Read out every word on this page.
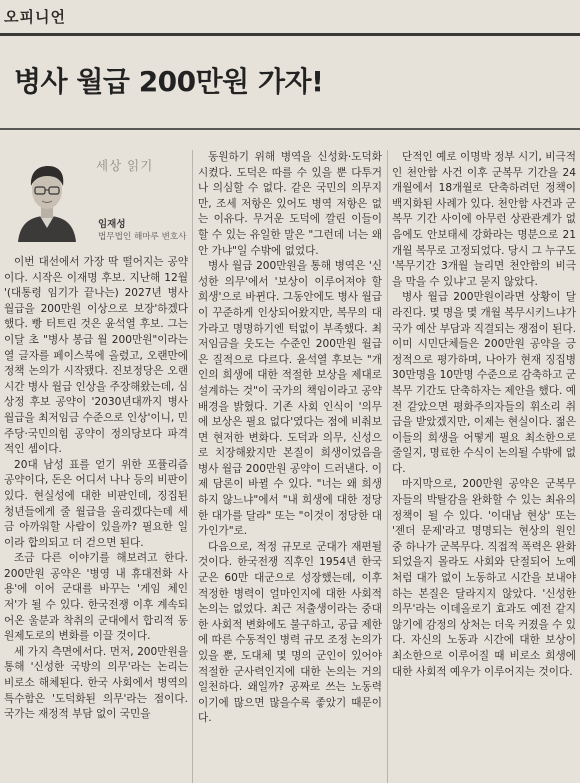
오피니언
병사 월급 200만원 가자!
세상 읽기
임재성
법무법인 해마루 변호사

이번 대선에서 가장 딱 떨어지는 공약이다. 시작은 이재명 후보. 지난해 12월 '(대통령 임기가 끝나는) 2027년 병사 월급을 200만원 이상으로 보장'하겠다 했다. 빵 터트린 것은 윤석열 후보. 그는 이달 초 "병사 봉급 월 200만원"이라는 열 글자를 페이스북에 올렸고, 오랜만에 정책 논의가 시작됐다. 진보정당은 오랜 시간 병사 월급 인상을 주장해왔는데, 심상정 후보 공약이 '2030년대까지 병사 월급을 최저임금 수준으로 인상'이니, 민주당·국민의힘 공약이 정의당보다 파격적인 셈이다.

20대 남성 표를 얻기 위한 포퓰리즘 공약이다, 돈은 어디서 나나 등의 비판이 있다. 현실성에 대한 비판인데, 징집된 청년들에게 줄 월급을 올리겠다는데 세금 아까워할 사람이 있을까? 필요한 일이라 합의되고 더 걷으면 된다.

조금 다른 이야기를 해보려고 한다. 200만원 공약은 '병영 내 휴대전화 사용'에 이어 군대를 바꾸는 '게임 체인저'가 될 수 있다. 한국전쟁 이후 계속되어온 울분과 착취의 군대에서 합리적 동원제도로의 변화를 이끌 것이다.

세 가지 측면에서다. 먼저, 200만원을 통해 '신성한 국방의 의무'라는 논리는 비로소 해체된다. 한국 사회에서 병역의 특수함은 '도덕화된 의무'라는 점이다. 국가는 재정적 부담 없이 국민을

동원하기 위해 병역을 신성화·도덕화시켰다. 도덕은 따를 수 있을 뿐 다투거나 의심할 수 없다. 같은 국민의 의무지만, 조세 저항은 있어도 병역 저항은 없는 이유다. 무거운 도덕에 깔린 이들이 할 수 있는 유일한 말은 "그런데 너는 왜 안 가냐"일 수밖에 없었다.

병사 월급 200만원을 통해 병역은 '신성한 의무'에서 '보상이 이루어져야 할 희생'으로 바뀐다. 그동안에도 병사 월급이 꾸준하게 인상되어왔지만, 복무의 대가라고 명명하기엔 턱없이 부족했다. 최저임금을 웃도는 수준인 200만원 월급은 질적으로 다르다. 윤석열 후보는 "개인의 희생에 대한 적절한 보상을 제대로 설계하는 것"이 국가의 책임이라고 공약 배경을 밝혔다. 기존 사회 인식이 '의무에 보상은 필요 없다'였다는 점에 비춰보면 현저한 변화다. 도덕과 의무, 신성으로 치장해왔지만 본질이 희생이었음을 병사 월급 200만원 공약이 드러낸다. 이제 담론이 바뀔 수 있다. "너는 왜 희생하지 않느냐"에서 "내 희생에 대한 정당한 대가를 달라" 또는 "이것이 정당한 대가인가"로.

다음으로, 적정 규모로 군대가 재편될 것이다. 한국전쟁 직후인 1954년 한국군은 60만 대군으로 성장했는데, 이후 적정한 병력이 얼마인지에 대한 사회적 논의는 없었다. 최근 저출생이라는 중대한 사회적 변화에도 불구하고, 공급 제한에 따른 수동적인 병력 규모 조정 논의가 있을 뿐, 도대체 몇 명의 군인이 있어야 적절한 군사력인지에 대한 논의는 거의 일천하다. 왜일까? 공짜로 쓰는 노동력이기에 많으면 많을수록 좋았기 때문이다.

단적인 예로 이명박 정부 시기, 비극적인 천안함 사건 이후 군복무 기간을 24개월에서 18개월로 단축하려던 정책이 백지화된 사례가 있다. 천안함 사건과 군복무 기간 사이에 아무런 상관관계가 없음에도 안보태세 강화라는 명분으로 21개월 복무로 고정되었다. 당시 그 누구도 '복무기간 3개월 늘리면 천안함의 비극을 막을 수 있냐'고 묻지 않았다.

병사 월급 200만원이라면 상황이 달라진다. 몇 명을 몇 개월 복무시키느냐가 국가 예산 부담과 직결되는 쟁점이 된다. 이미 시민단체들은 200만원 공약을 긍정적으로 평가하며, 나아가 현재 징집병 30만명을 10만명 수준으로 감축하고 군복무 기간도 단축하자는 제안을 했다. 예전 같았으면 평화주의자들의 휘소리 취급을 받았겠지만, 이제는 현실이다. 젊은이들의 희생을 어떻게 필요 최소한으로 줄일지, 명료한 수식이 논의될 수밖에 없다.

마지막으로, 200만원 공약은 군복무자들의 박탈감을 완화할 수 있는 최유의 정책이 될 수 있다. '이대남 현상' 또는 '젠더 문제'라고 명명되는 현상의 원인 중 하나가 군복무다. 직접적 폭력은 완화되었을지 몰라도 사회와 단절되어 노예처럼 대가 없이 노동하고 시간을 보내야 하는 본질은 달라지지 않았다. '신성한 의무'라는 이데올로기 효과도 예전 같지 않기에 감정의 상처는 더욱 커졌을 수 있다. 자신의 노동과 시간에 대한 보상이 최소한으로 이루어질 때 비로소 희생에 대한 사회적 예우가 이루어지는 것이다.
